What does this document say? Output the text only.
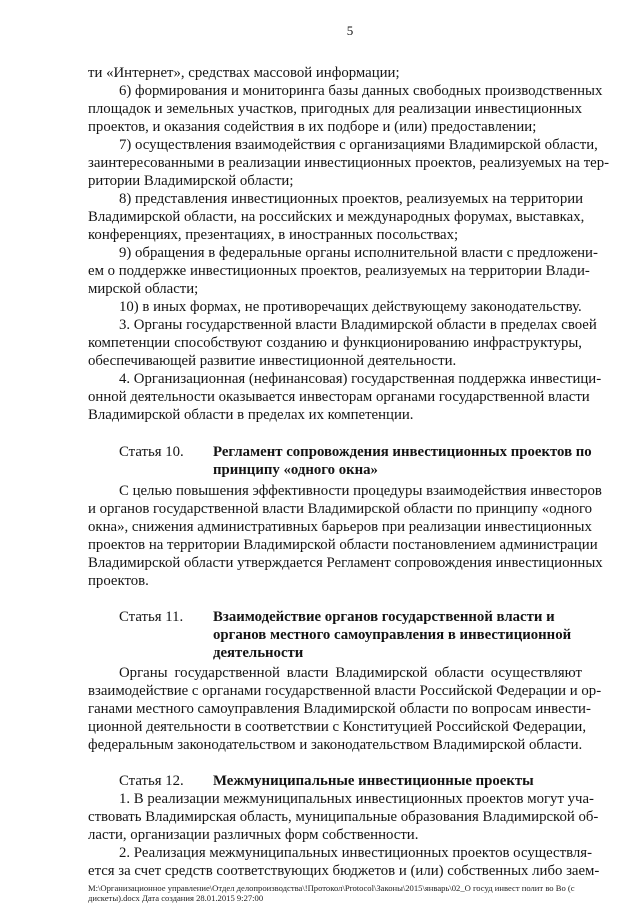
5
ти «Интернет», средствах массовой информации;
6) формирования и мониторинга базы данных свободных производственных
площадок и земельных участков, пригодных для реализации инвестиционных
проектов, и оказания содействия в их подборе и (или) предоставлении;
7) осуществления взаимодействия с организациями Владимирской области,
заинтересованными в реализации инвестиционных проектов, реализуемых на тер-
ритории Владимирской области;
8) представления инвестиционных проектов, реализуемых на территории
Владимирской области, на российских и международных форумах, выставках,
конференциях, презентациях, в иностранных посольствах;
9) обращения в федеральные органы исполнительной власти с предложени-
ем о поддержке инвестиционных проектов, реализуемых на территории Влади-
мирской области;
10) в иных формах, не противоречащих действующему законодательству.
3. Органы государственной власти Владимирской области в пределах своей
компетенции способствуют созданию и функционированию инфраструктуры,
обеспечивающей развитие инвестиционной деятельности.
4. Организационная (нефинансовая) государственная поддержка инвестици-
онной деятельности оказывается инвесторам органами государственной власти
Владимирской области в пределах их компетенции.
Статья 10. Регламент сопровождения инвестиционных проектов по
принципу «одного окна»
С целью повышения эффективности процедуры взаимодействия инвесторов
и органов государственной власти Владимирской области по принципу «одного
окна», снижения административных барьеров при реализации инвестиционных
проектов на территории Владимирской области постановлением администрации
Владимирской области утверждается Регламент сопровождения инвестиционных
проектов.
Статья 11. Взаимодействие органов государственной власти и
органов местного самоуправления в инвестиционной
деятельности
Органы государственной власти Владимирской области осуществляют
взаимодействие с органами государственной власти Российской Федерации и ор-
ганами местного самоуправления Владимирской области по вопросам инвести-
ционной деятельности в соответствии с Конституцией Российской Федерации,
федеральным законодательством и законодательством Владимирской области.
Статья 12. Межмуниципальные инвестиционные проекты
1. В реализации межмуниципальных инвестиционных проектов могут уча-
ствовать Владимирская область, муниципальные образования Владимирской об-
ласти, организации различных форм собственности.
2. Реализация межмуниципальных инвестиционных проектов осуществля-
ется за счет средств соответствующих бюджетов и (или) собственных либо заем-
М:\Организационное управление\Отдел делопроизводства\!Протокол\Protocol\Законы\2015\январь\02_О госуд инвест полит во Во (с
дискеты).docx Дата создания 28.01.2015 9:27:00
